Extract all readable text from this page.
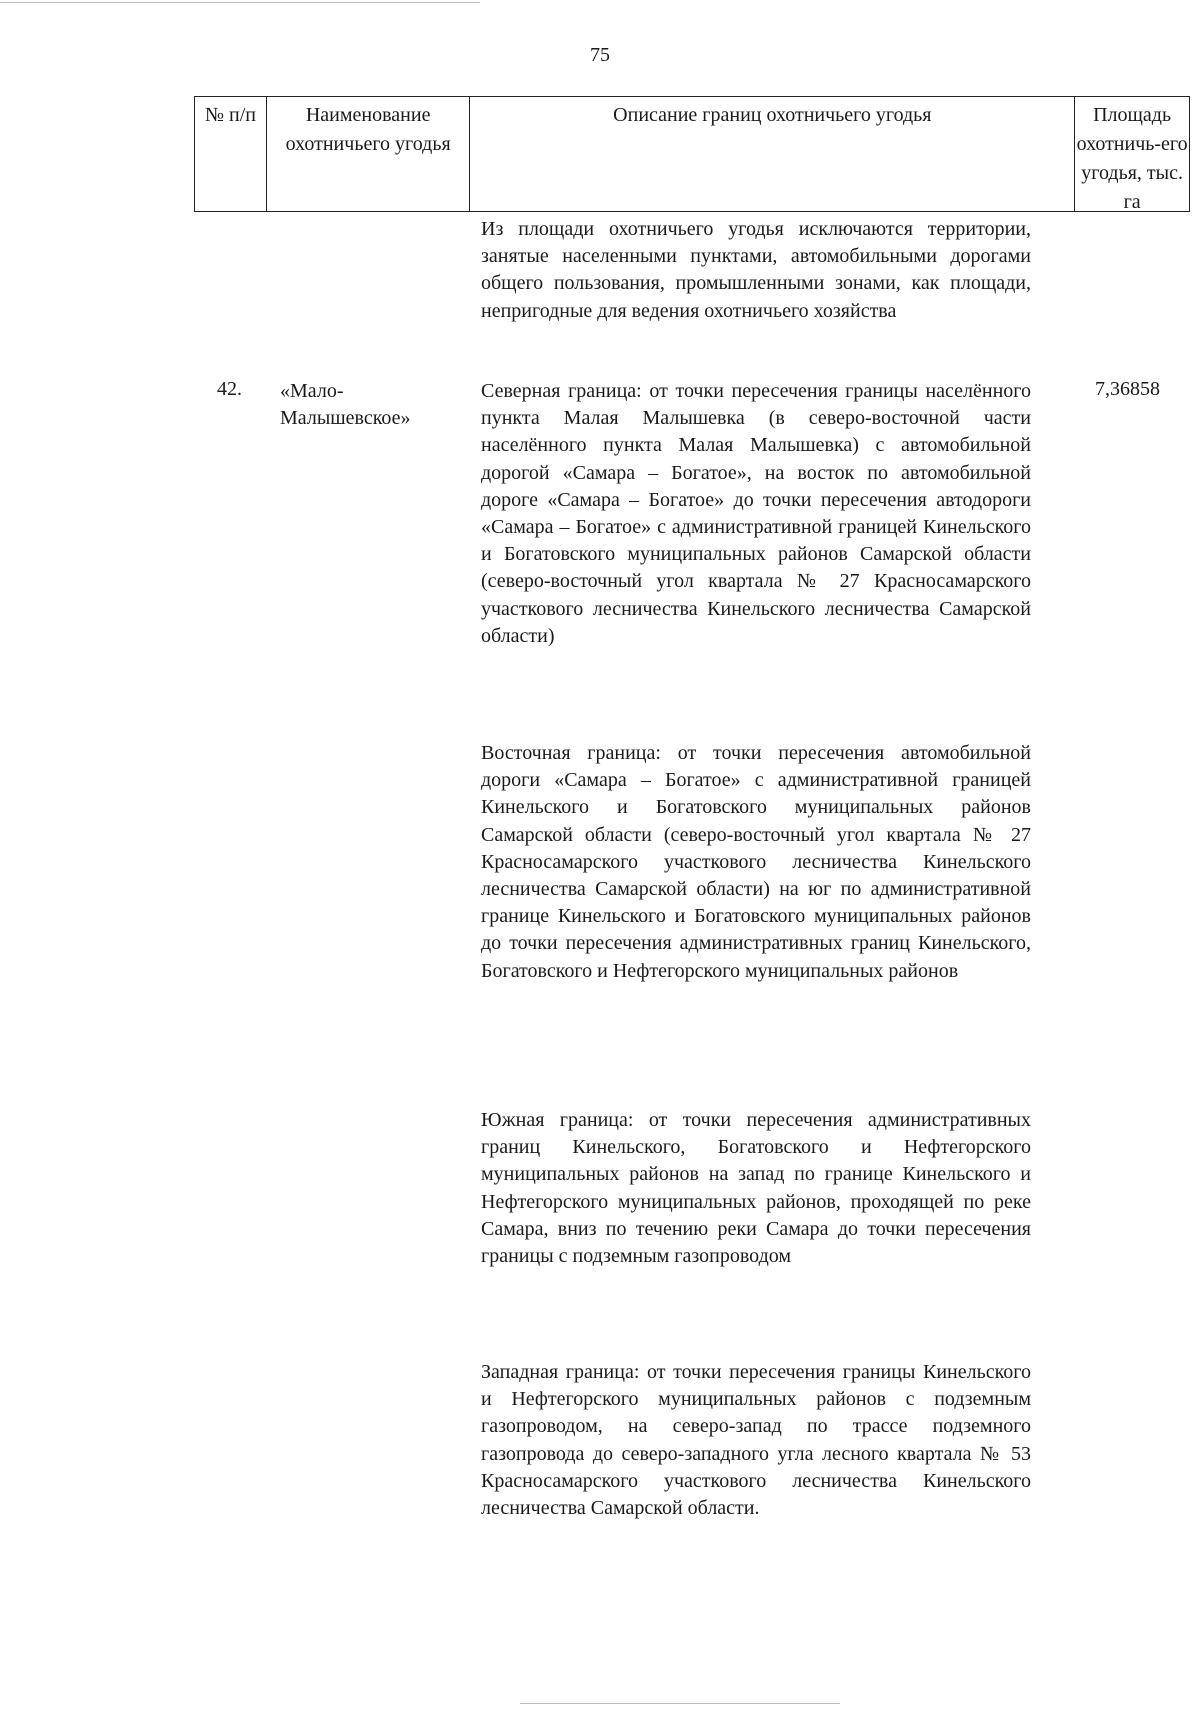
75
№ п/п	Наименование охотничьего угодья
Описание границ охотничьего угодья	Площадь охотничь-его угодья, тыс. га

Из площади охотничьего угодья исключаются территории, занятые населенными пунктами, автомобильными дорогами общего пользования, промышленными зонами, как площади, непригодные для ведения охотничьего хозяйства

42. «Мало-Малышевское»
7,36858

Северная граница: от точки пересечения границы населённого пункта Малая Малышевка (в северо-восточной части населённого пункта Малая Малышевка) с автомобильной дорогой «Самара – Богатое», на восток по автомобильной дороге «Самара – Богатое» до точки пересечения автодороги «Самара – Богатое» с административной границей Кинельского и Богатовского муниципальных районов Самарской области (северо-восточный угол квартала № 27 Красносамарского участкового лесничества Кинельского лесничества Самарской области)

Восточная граница: от точки пересечения автомобильной дороги «Самара – Богатое» с административной границей Кинельского и Богатовского муниципальных районов Самарской области (северо-восточный угол квартала № 27 Красносамарского участкового лесничества Кинельского лесничества Самарской области) на юг по административной границе Кинельского и Богатовского муниципальных районов до точки пересечения административных границ Кинельского, Богатовского и Нефтегорского муниципальных районов

Южная граница: от точки пересечения административных границ Кинельского, Богатовского и Нефтегорского муниципальных районов на запад по границе Кинельского и Нефтегорского муниципальных районов, проходящей по реке Самара, вниз по течению реки Самара до точки пересечения границы с подземным газопроводом

Западная граница: от точки пересечения границы Кинельского и Нефтегорского муниципальных районов с подземным газопроводом, на северо-запад по трассе подземного газопровода до северо-западного угла лесного квартала № 53 Красносамарского участкового лесничества Кинельского лесничества Самарской области.
